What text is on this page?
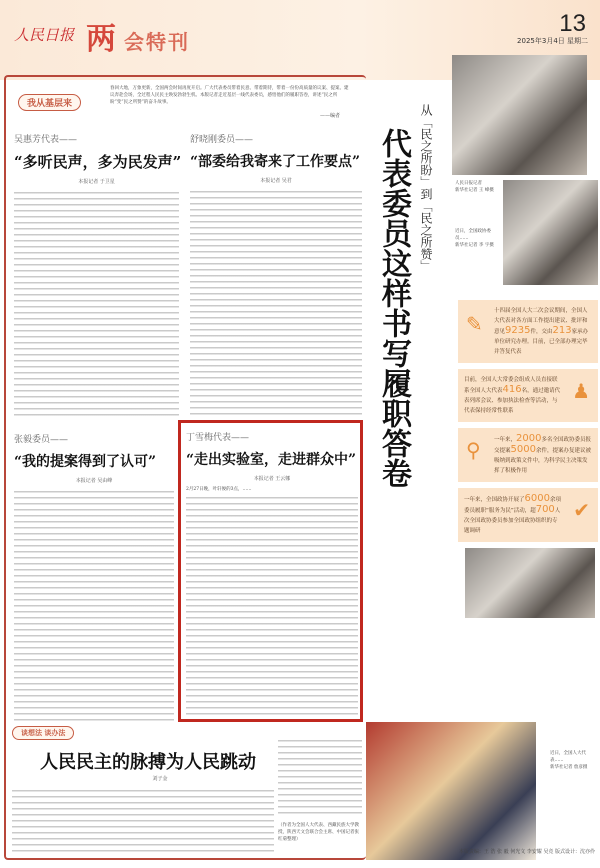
人民日报 两 会特刊
13
2025年3月4日 星期二
我从基层来
春回大地，万象更新，全国两会时间再度开启。广大代表委员带着民意、带着期待，带着一份份高质量的议案、提案、建议奔赴会场，全过程人民民主焕发勃勃生机。本版记者走近基层一线代表委员，感悟他们的履职答卷，讲述“民之所盼”变“民之所赞”的奋斗故事。
——编者
吴惠芳代表——
“多听民声，多为民发声”
本报记者 于卫星
舒晓刚委员——
“部委给我寄来了工作要点”
本报记者 吴君
张毅委员——
“我的提案得到了认可”
本报记者 吴由峰
丁雪梅代表——
“走出实验室，走进群众中”
本报记者 王云娜
2月27日晚，叶轩俊的3点，……
从「民之所盼」到「民之所赞」
代表委员这样书写履职答卷	人民日报记者
新华社记者 王 峰摄
近日，全国政协委员……
新华社记者 李 宇摄
✎
十四届全国人大二次会议期间，全国人大代表对各方面工作提出建议、批评和意见9235件，交由213家承办单位研究办理。目前，已全部办理完毕并答复代表
♟
目前，全国人大常委会组成人员直接联系全国人大代表416名，通过邀请代表列席会议、参加执法检查等活动，与代表保持经常性联系
⚲ 一年来，2000多名全国政协委员报交提案5000余件，提案办复建议被吸纳到政策文件中，为科学民主决策发挥了积极作用
✔
一年来，全国政协开展了6000余项委员履职“服务为民”活动，超700人次全国政协委员参加全国政协组织的专题调研
近日，全国人大代表……
新华社记者 詹彦摄
谈想法 谈办法
人民民主的脉搏为人民跳动
刘子金
（作者为全国人大代表、西藏民族大学教授，陕西天文会联合会主席、中国记者张红菊整理）
本版责编：王 浩 张 毅 何光文 李安耀 吴竞 版式设计：沈亦伶
